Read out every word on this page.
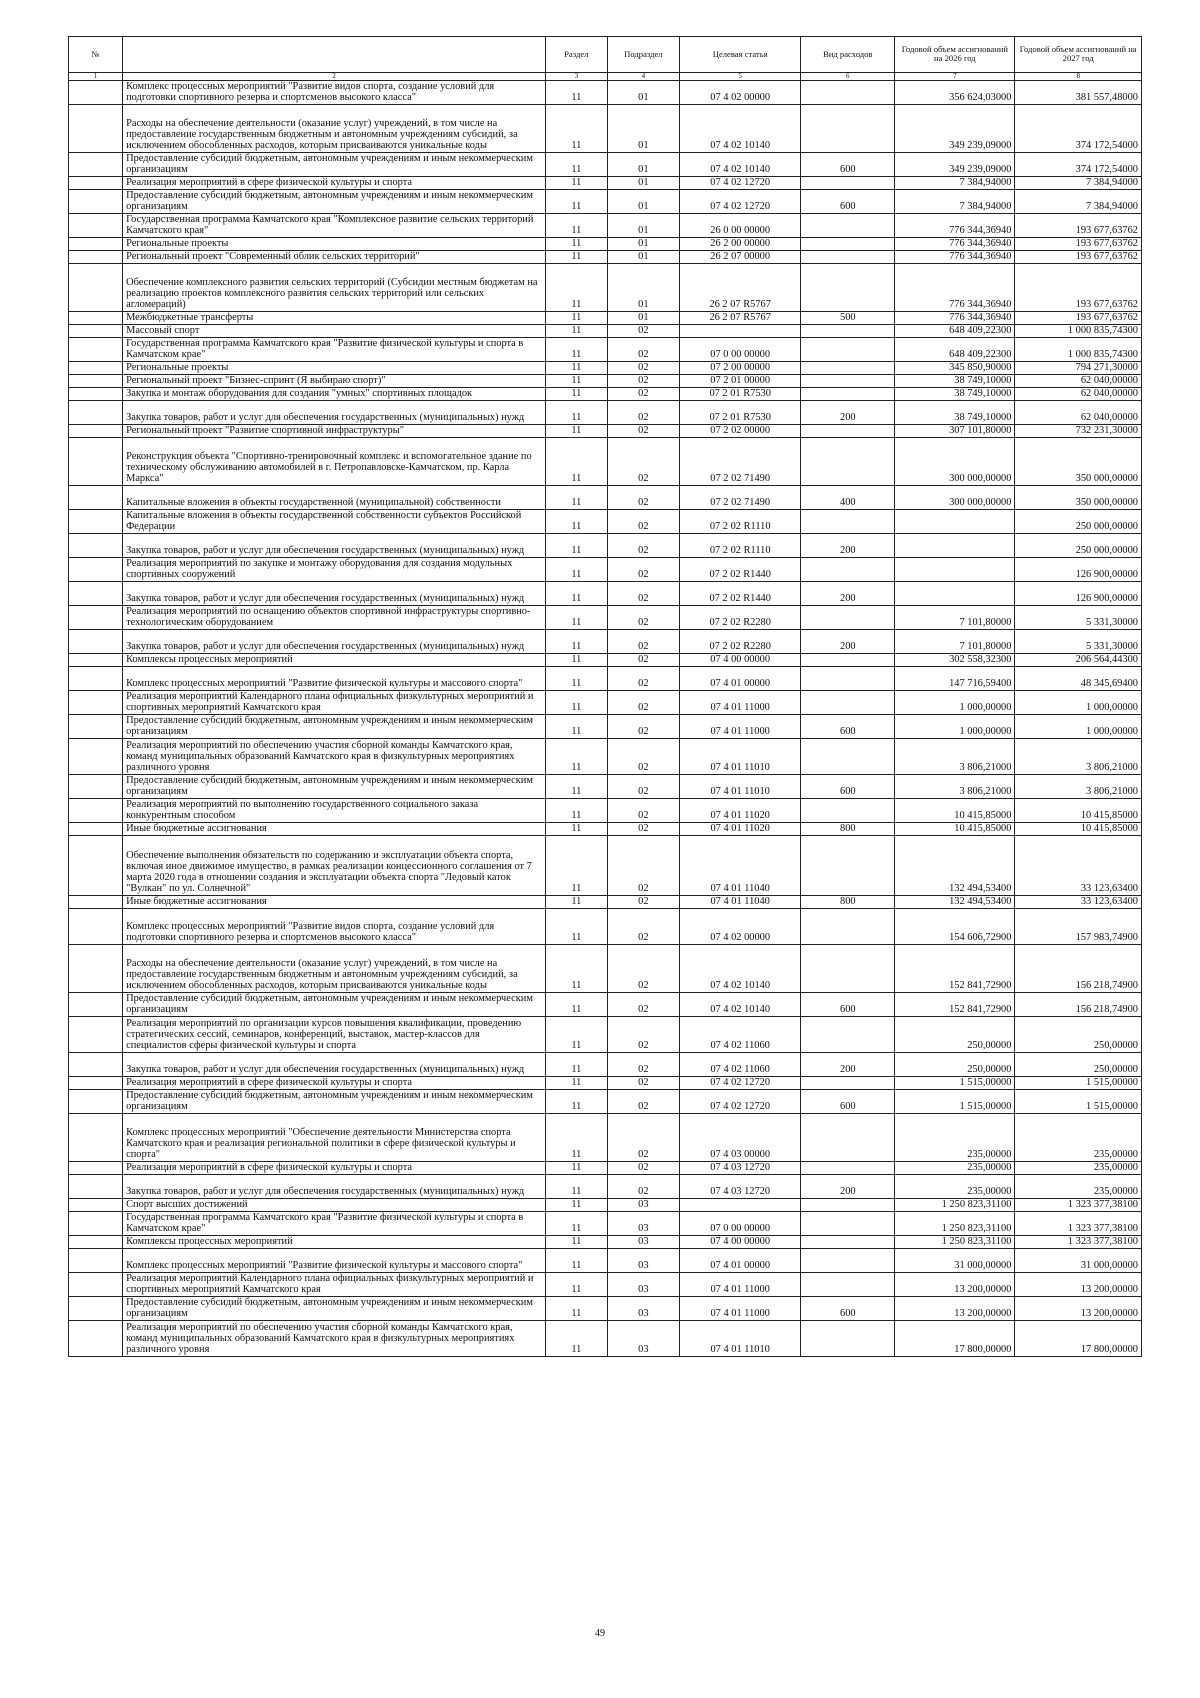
№		Раздел	Подраздел	Целевая статья	Вид расходов	Годовой объем ассигнований на 2026 год	Годовой объем ассигнований на 2027 год
1	2	3	4	5	6	7	8
	Комплекс процессных мероприятий "Развитие видов спорта, создание условий для подготовки спортивного резерва и спортсменов высокого класса"	11	01	07 4 02 00000		356 624,03000	381 557,48000
	Расходы на обеспечение деятельности (оказание услуг) учреждений, в том числе на предоставление государственным бюджетным и автономным учреждениям субсидий, за исключением обособленных расходов, которым присваиваются уникальные коды	11	01	07 4 02 10140		349 239,09000	374 172,54000
	Предоставление субсидий бюджетным, автономным учреждениям и иным некоммерческим организациям	11	01	07 4 02 10140	600	349 239,09000	374 172,54000
	Реализация мероприятий в сфере физической культуры и спорта	11	01	07 4 02 12720		7 384,94000	7 384,94000
	Предоставление субсидий бюджетным, автономным учреждениям и иным некоммерческим организациям	11	01	07 4 02 12720	600	7 384,94000	7 384,94000
	Государственная программа Камчатского края "Комплексное развитие сельских территорий Камчатского края"	11	01	26 0 00 00000		776 344,36940	193 677,63762
	Региональные проекты	11	01	26 2 00 00000		776 344,36940	193 677,63762
	Региональный проект "Современный облик сельских территорий"	11	01	26 2 07 00000		776 344,36940	193 677,63762
	Обеспечение комплексного развития сельских территорий (Субсидии местным бюджетам на реализацию проектов комплексного развития сельских территорий или сельских агломераций)	11	01	26 2 07 R5767		776 344,36940	193 677,63762
	Межбюджетные трансферты	11	01	26 2 07 R5767	500	776 344,36940	193 677,63762
	Массовый спорт	11	02			648 409,22300	1 000 835,74300
	Государственная программа Камчатского края "Развитие физической культуры и спорта в Камчатском крае"	11	02	07 0 00 00000		648 409,22300	1 000 835,74300
	Региональные проекты	11	02	07 2 00 00000		345 850,90000	794 271,30000
	Региональный проект "Бизнес-спринт (Я выбираю спорт)"	11	02	07 2 01 00000		38 749,10000	62 040,00000
	Закупка и монтаж оборудования для создания "умных" спортивных площадок	11	02	07 2 01 R7530		38 749,10000	62 040,00000
	Закупка товаров, работ и услуг для обеспечения государственных (муниципальных) нужд	11	02	07 2 01 R7530	200	38 749,10000	62 040,00000
	Региональный проект "Развитие спортивной инфраструктуры"	11	02	07 2 02 00000		307 101,80000	732 231,30000
	Реконструкция объекта "Спортивно-тренировочный комплекс и вспомогательное здание по техническому обслуживанию автомобилей в г. Петропавловске-Камчатском, пр. Карла Маркса"	11	02	07 2 02 71490		300 000,00000	350 000,00000
	Капитальные вложения в объекты государственной (муниципальной) собственности	11	02	07 2 02 71490	400	300 000,00000	350 000,00000
	Капитальные вложения в объекты государственной собственности субъектов Российской Федерации	11	02	07 2 02 R1110			250 000,00000
	Закупка товаров, работ и услуг для обеспечения государственных (муниципальных) нужд	11	02	07 2 02 R1110	200		250 000,00000
	Реализация мероприятий по закупке и монтажу оборудования для создания модульных спортивных сооружений	11	02	07 2 02 R1440			126 900,00000
	Закупка товаров, работ и услуг для обеспечения государственных (муниципальных) нужд	11	02	07 2 02 R1440	200		126 900,00000
	Реализация мероприятий по оснащению объектов спортивной инфраструктуры спортивно-технологическим оборудованием	11	02	07 2 02 R2280		7 101,80000	5 331,30000
	Закупка товаров, работ и услуг для обеспечения государственных (муниципальных) нужд	11	02	07 2 02 R2280	200	7 101,80000	5 331,30000
	Комплексы процессных мероприятий	11	02	07 4 00 00000		302 558,32300	206 564,44300
	Комплекс процессных мероприятий "Развитие физической культуры и массового спорта"	11	02	07 4 01 00000		147 716,59400	48 345,69400
	Реализация мероприятий Календарного плана официальных физкультурных мероприятий и спортивных мероприятий Камчатского края	11	02	07 4 01 11000		1 000,00000	1 000,00000
	Предоставление субсидий бюджетным, автономным учреждениям и иным некоммерческим организациям	11	02	07 4 01 11000	600	1 000,00000	1 000,00000
	Реализация мероприятий по обеспечению участия сборной команды Камчатского края, команд муниципальных образований Камчатского края в физкультурных мероприятиях различного уровня	11	02	07 4 01 11010		3 806,21000	3 806,21000
	Предоставление субсидий бюджетным, автономным учреждениям и иным некоммерческим организациям	11	02	07 4 01 11010	600	3 806,21000	3 806,21000
	Реализация мероприятий по выполнению государственного социального заказа конкурентным способом	11	02	07 4 01 11020		10 415,85000	10 415,85000
	Иные бюджетные ассигнования	11	02	07 4 01 11020	800	10 415,85000	10 415,85000
	Обеспечение выполнения обязательств по содержанию и эксплуатации объекта спорта, включая иное движимое имущество, в рамках реализации концессионного соглашения от 7 марта 2020 года в отношении создания и эксплуатации объекта спорта "Ледовый каток "Вулкан" по ул. Солнечной"	11	02	07 4 01 11040		132 494,53400	33 123,63400
	Иные бюджетные ассигнования	11	02	07 4 01 11040	800	132 494,53400	33 123,63400
	Комплекс процессных мероприятий "Развитие видов спорта, создание условий для подготовки спортивного резерва и спортсменов высокого класса"	11	02	07 4 02 00000		154 606,72900	157 983,74900
	Расходы на обеспечение деятельности (оказание услуг) учреждений, в том числе на предоставление государственным бюджетным и автономным учреждениям субсидий, за исключением обособленных расходов, которым присваиваются уникальные коды	11	02	07 4 02 10140		152 841,72900	156 218,74900
	Предоставление субсидий бюджетным, автономным учреждениям и иным некоммерческим организациям	11	02	07 4 02 10140	600	152 841,72900	156 218,74900
	Реализация мероприятий по организации курсов повышения квалификации, проведению стратегических сессий, семинаров, конференций, выставок, мастер-классов для специалистов сферы физической культуры и спорта	11	02	07 4 02 11060		250,00000	250,00000
	Закупка товаров, работ и услуг для обеспечения государственных (муниципальных) нужд	11	02	07 4 02 11060	200	250,00000	250,00000
	Реализация мероприятий в сфере физической культуры и спорта	11	02	07 4 02 12720		1 515,00000	1 515,00000
	Предоставление субсидий бюджетным, автономным учреждениям и иным некоммерческим организациям	11	02	07 4 02 12720	600	1 515,00000	1 515,00000
	Комплекс процессных мероприятий "Обеспечение деятельности Министерства спорта Камчатского края и реализация региональной политики в сфере физической культуры и спорта"	11	02	07 4 03 00000		235,00000	235,00000
	Реализация мероприятий в сфере физической культуры и спорта	11	02	07 4 03 12720		235,00000	235,00000
	Закупка товаров, работ и услуг для обеспечения государственных (муниципальных) нужд	11	02	07 4 03 12720	200	235,00000	235,00000
	Спорт высших достижений	11	03			1 250 823,31100	1 323 377,38100
	Государственная программа Камчатского края "Развитие физической культуры и спорта в Камчатском крае"	11	03	07 0 00 00000		1 250 823,31100	1 323 377,38100
	Комплексы процессных мероприятий	11	03	07 4 00 00000		1 250 823,31100	1 323 377,38100
	Комплекс процессных мероприятий "Развитие физической культуры и массового спорта"	11	03	07 4 01 00000		31 000,00000	31 000,00000
	Реализация мероприятий Календарного плана официальных физкультурных мероприятий и спортивных мероприятий Камчатского края	11	03	07 4 01 11000		13 200,00000	13 200,00000
	Предоставление субсидий бюджетным, автономным учреждениям и иным некоммерческим организациям	11	03	07 4 01 11000	600	13 200,00000	13 200,00000
	Реализация мероприятий по обеспечению участия сборной команды Камчатского края, команд муниципальных образований Камчатского края в физкультурных мероприятиях различного уровня	11	03	07 4 01 11010		17 800,00000	17 800,00000
49
